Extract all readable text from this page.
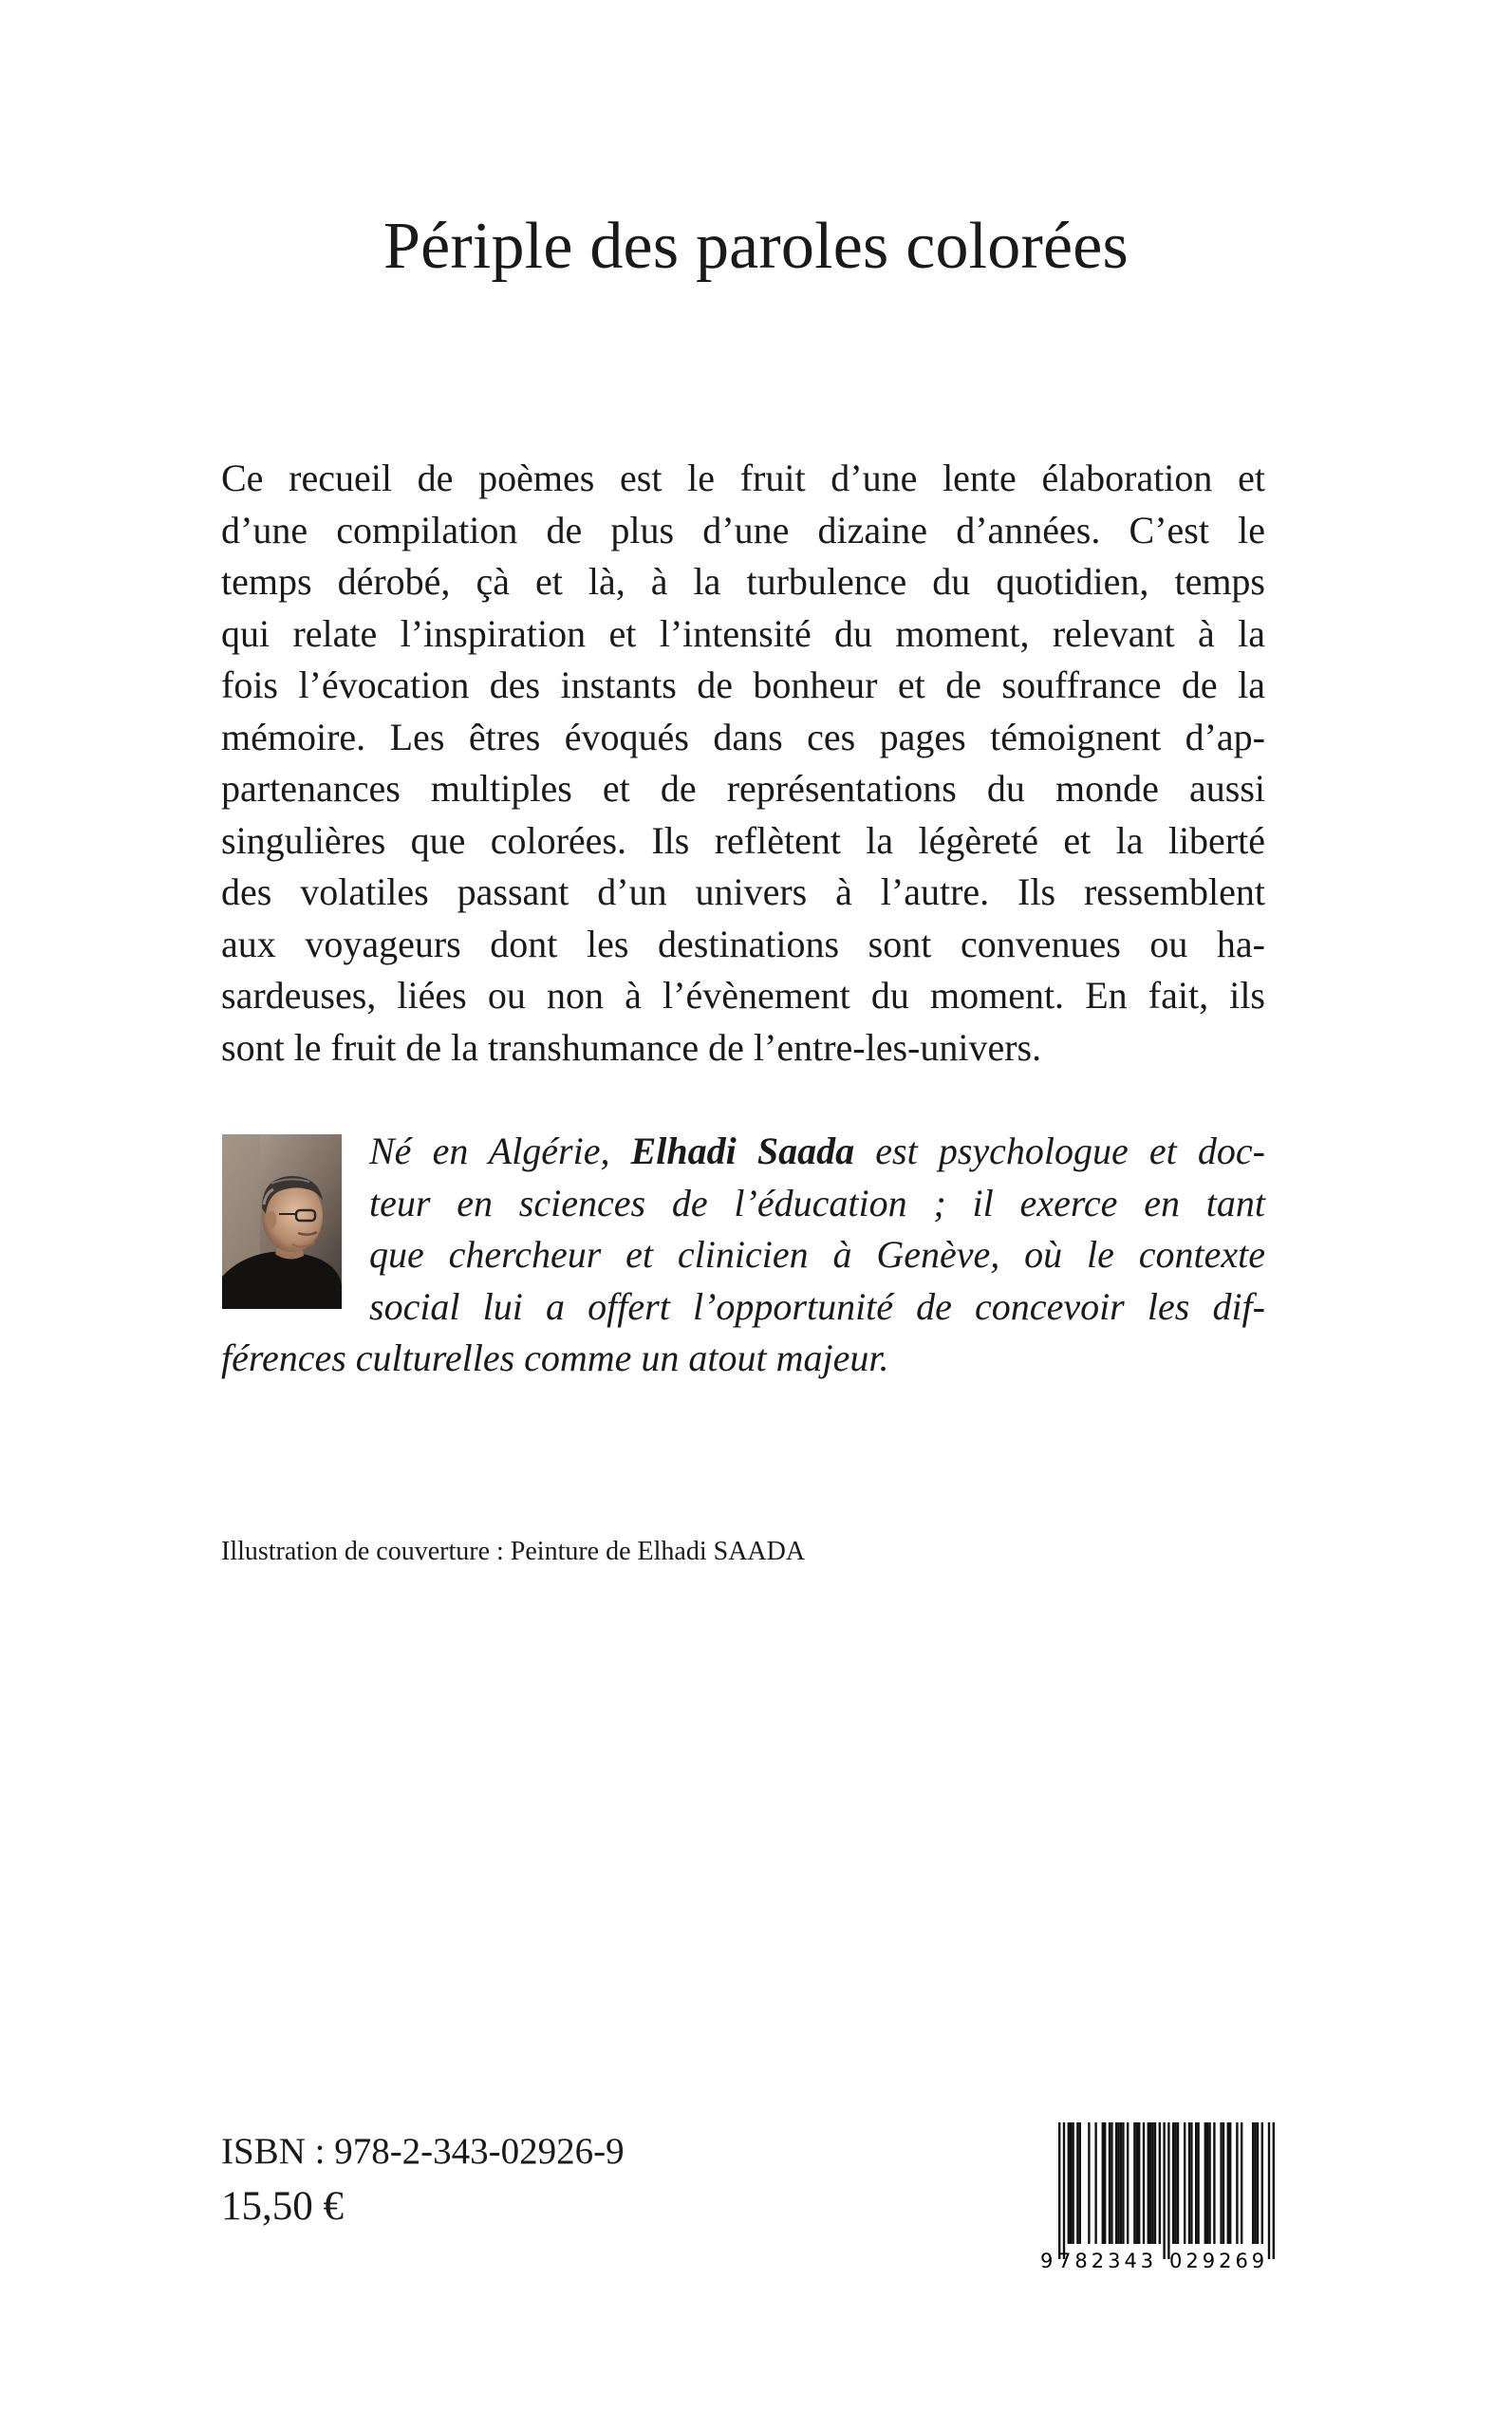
Périple des paroles colorées
Ce recueil de poèmes est le fruit d’une lente élaboration et
d’une compilation de plus d’une dizaine d’années. C’est le
temps dérobé, çà et là, à la turbulence du quotidien, temps
qui relate l’inspiration et l’intensité du moment, relevant à la
fois l’évocation des instants de bonheur et de souffrance de la
mémoire. Les êtres évoqués dans ces pages témoignent d’ap-
partenances multiples et de représentations du monde aussi
singulières que colorées. Ils reflètent la légèreté et la liberté
des volatiles passant d’un univers à l’autre. Ils ressemblent
aux voyageurs dont les destinations sont convenues ou ha-
sardeuses, liées ou non à l’évènement du moment. En fait, ils
sont le fruit de la transhumance de l’entre-les-univers.
Né en Algérie, Elhadi Saada est psychologue et doc-
teur en sciences de l’éducation ; il exerce en tant
que chercheur et clinicien à Genève, où le contexte
social lui a offert l’opportunité de concevoir les dif-
férences culturelles comme un atout majeur.
Illustration de couverture : Peinture de Elhadi SAADA
ISBN : 978-2-343-02926-9
15,50 €
9 782343 029269
